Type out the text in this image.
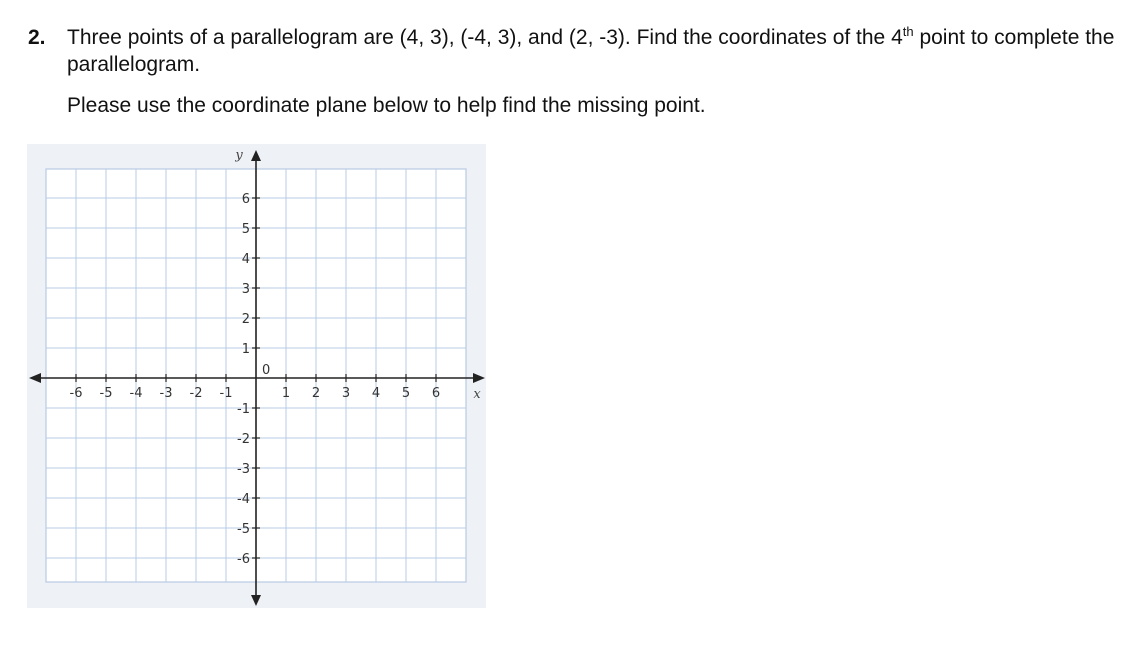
2. Three points of a parallelogram are (4, 3), (-4, 3), and (2, -3). Find the coordinates of the 4th point to complete the parallelogram.
Please use the coordinate plane below to help find the missing point.
-6 -5 -4 -3 -2 -1	1 2 3 4 5 6
6
5
4
3
2
1
-1
-2
-3
-4
-5
-6
0
x
y
